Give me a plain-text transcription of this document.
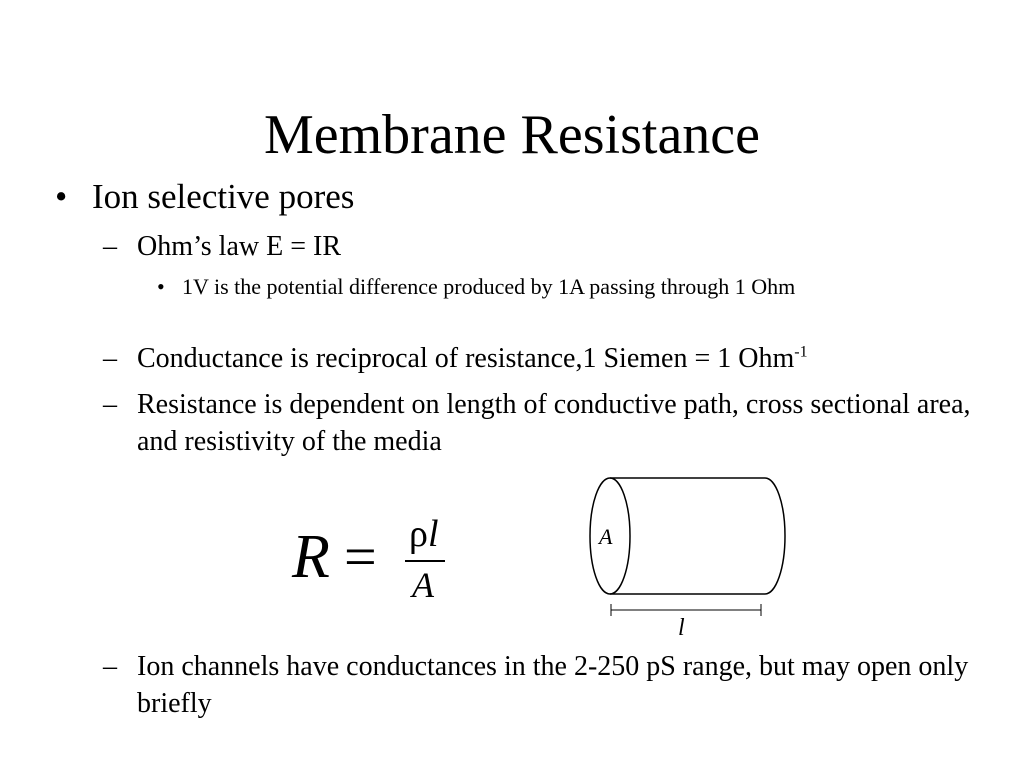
Membrane Resistance
• Ion selective pores
– Ohm’s law E = IR
• 1V is the potential difference produced by 1A passing through 1 Ohm
– Conductance is reciprocal of resistance,1 Siemen = 1 Ohm$^{-1}$
– Resistance is dependent on length of conductive path, cross sectional area, and resistivity of the media
R = ρl
A
A
l
– Ion channels have conductances in the 2-250 pS range, but may open only briefly
